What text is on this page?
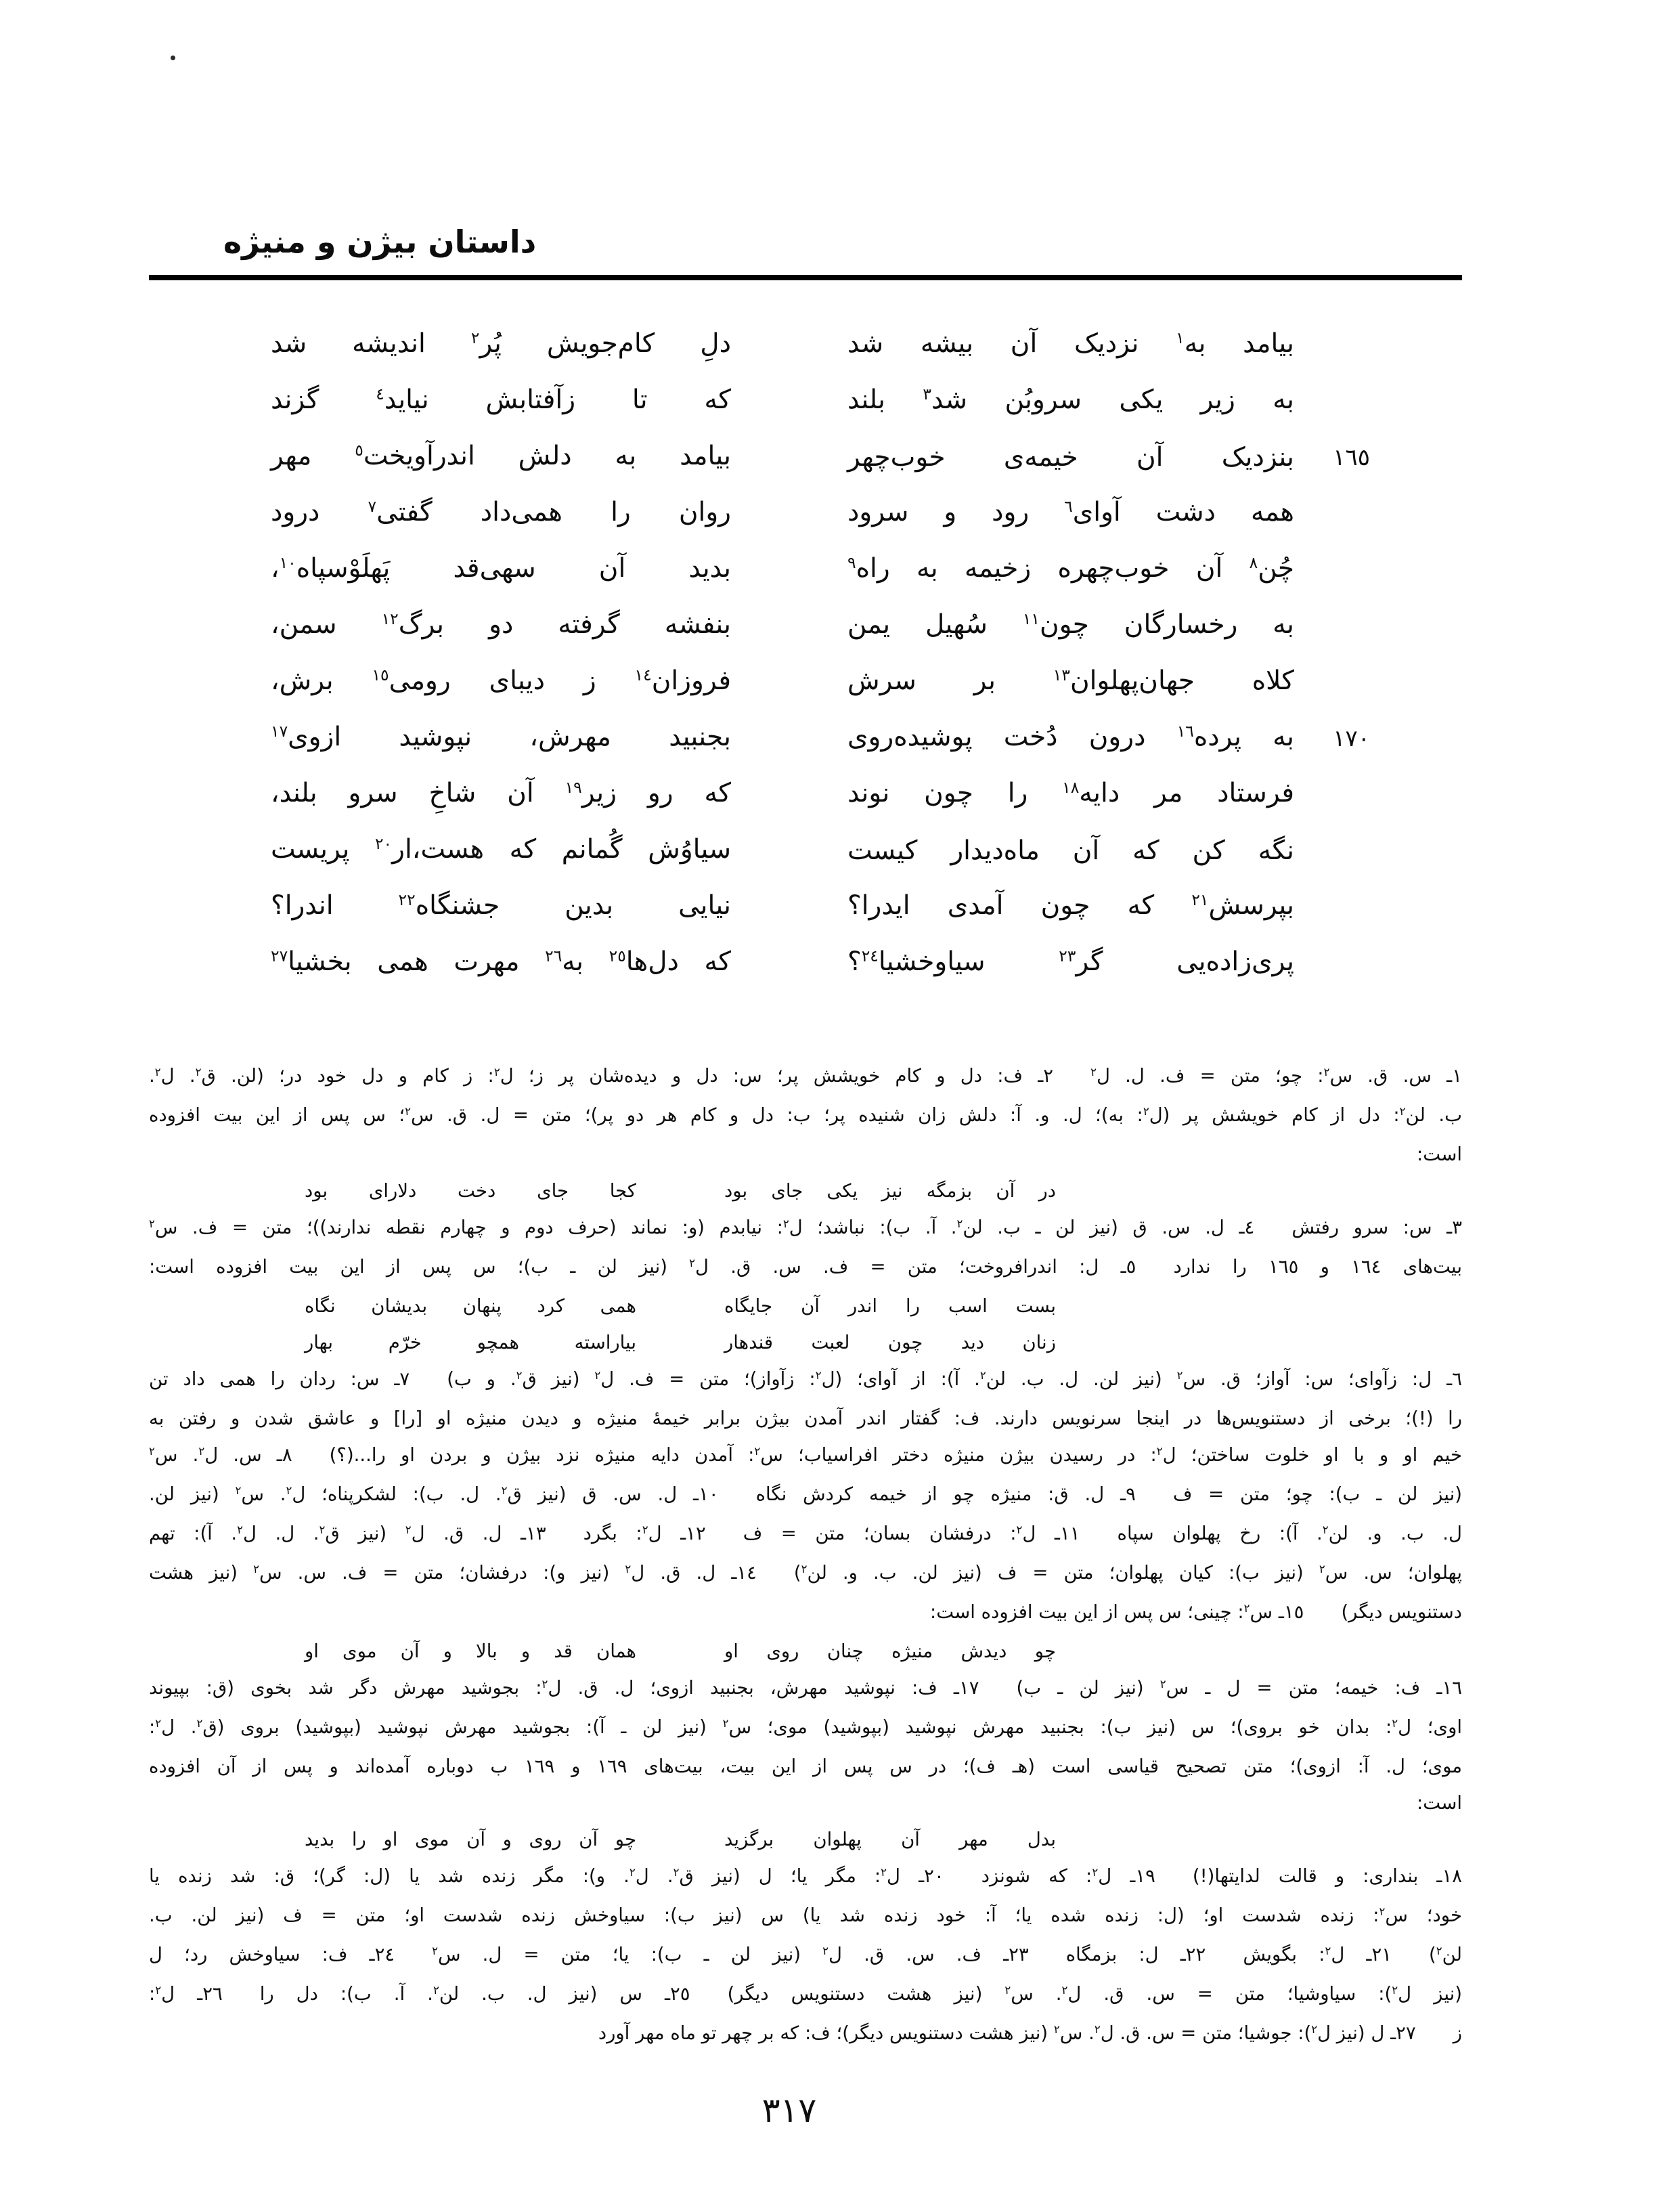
داستان بیژن و منیژه
بیامد به$^١$ نزدیک آن بیشه شد
دلِ کام‌جویش پُر$^٢$ اندیشه شد
به زیر یکی سروبُن شد$^٣$ بلند
که تا زآفتابش نیاید$^٤$ گزند
١٦٥
بنزدیک آن خیمه‌ی خوب‌چهر
بیامد به دلش اندرآویخت$^٥$ مهر
همه دشت آوای$^٦$ رود و سرود
روان را همی‌داد گفتی$^٧$ درود
چُن$^٨$ آن خوب‌چهره زخیمه به راه$^٩$
بدید آن سهی‌قد پَهلَوْسپاه$^{١٠}$،
به رخسارگان چون$^{١١}$ سُهیل یمن
بنفشه گرفته دو برگ$^{١٢}$ سمن،
کلاه جهان‌پهلوان$^{١٣}$ بر سرش
فروزان$^{١٤}$ ز دیبای رومی$^{١٥}$ برش،
١٧٠
به پرده$^{١٦}$ درون دُخت پوشیده‌روی
بجنبید مهرش، نپوشید ازوی$^{١٧}$
فرستاد مر دایه$^{١٨}$ را چون نوند
که رو زیر$^{١٩}$ آن شاخِ سرو بلند،
نگه کن که آن ماه‌دیدار کیست
سیاوُش گُمانم که هست،ار$^{٢٠}$ پریست
بپرسش$^{٢١}$ که چون آمدی ایدرا؟
نیایی بدین جشنگاه$^{٢٢}$ اندرا؟
پری‌زاده‌یی گر$^{٢٣}$ سیاوخشیا$^{٢٤}$؟
که دل‌ها$^{٢٥}$ به$^{٢٦}$ مهرت همی بخشیا$^{٢٧}$
١ـ س. ق. س$^٢$: چو؛ متن = ف. ل. ل$^٢$  ٢ـ ف: دل و کام خویشش پر؛ س: دل و دیده‌شان پر ز؛ ل$^٢$: ز کام و دل خود در؛ (لن. ق$^٢$. ل$^٢$.
ب. لن$^٢$: دل از کام خویشش پر (ل$^٢$: به)؛ ل. و. آ: دلش زان شنیده پر؛ ب: دل و کام هر دو پر)؛ متن = ل. ق. س$^٢$؛ س پس از این بیت افزوده
است:
در آن بزمگه نیز یکی جای بود
کجا جای دخت دلارای بود
٣ـ س: سرو رفتش  ٤ـ ل. س. ق (نیز لن ـ ب. لن$^٢$. آ. ب): نباشد؛ ل$^٢$: نیابدم (و: نماند (حرف دوم و چهارم نقطه ندارند))؛ متن = ف. س$^٢$
بیت‌های ١٦٤ و ١٦٥ را ندارد  ٥ـ ل: اندرافروخت؛ متن = ف. س. ق. ل$^٢$ (نیز لن ـ ب)؛ س پس از این بیت افزوده است:
بست اسب را اندر آن جایگاه
همی کرد پنهان بدیشان نگاه
زنان دید چون لعبت قندهار
بیاراسته همچو خرّم بهار
٦ـ ل: زآوای؛ س: آواز؛ ق. س$^٢$ (نیز لن. ل. ب. لن$^٢$. آ): از آوای؛ (ل$^٢$: زآواز)؛ متن = ف. ل$^٢$ (نیز ق$^٢$. و ب)  ٧ـ س: ردان را همی داد تن
را (!)؛ برخی از دستنویس‌ها در اینجا سرنویس دارند. ف: گفتار اندر آمدن بیژن برابر خیمهٔ منیژه و دیدن منیژه او [را] و عاشق شدن و رفتن به
خیم او و با او خلوت ساختن؛ ل$^٢$: در رسیدن بیژن منیژه دختر افراسیاب؛ س$^٢$: آمدن دایه منیژه نزد بیژن و بردن او را...(؟)  ٨ـ س. ل$^٢$. س$^٢$
(نیز لن ـ ب): چو؛ متن = ف  ٩ـ ل. ق: منیژه چو از خیمه کردش نگاه  ١٠ـ ل. س. ق (نیز ق$^٢$. ل. ب): لشکرپناه؛ ل$^٢$. س$^٢$ (نیز لن.
ل. ب. و. لن$^٢$. آ): رخ پهلوان سپاه  ١١ـ ل$^٢$: درفشان بسان؛ متن = ف  ١٢ـ ل$^٢$: بگرد  ١٣ـ ل. ق. ل$^٢$ (نیز ق$^٢$. ل. ل$^٢$. آ): تهم
پهلوان؛ س. س$^٢$ (نیز ب): کیان پهلوان؛ متن = ف (نیز لن. ب. و. لن$^٢$)  ١٤ـ ل. ق. ل$^٢$ (نیز و): درفشان؛ متن = ف. س. س$^٢$ (نیز هشت
دستنویس دیگر)  ١٥ـ س$^٢$: چینی؛ س پس از این بیت افزوده است:
چو دیدش منیژه چنان روی او
همان قد و بالا و آن موی او
١٦ـ ف: خیمه؛ متن = ل ـ س$^٢$ (نیز لن ـ ب)  ١٧ـ ف: نپوشید مهرش، بجنبید ازوی؛ ل. ق. ل$^٢$: بجوشید مهرش دگر شد بخوی (ق: بپیوند
اوی؛ ل$^٢$: بدان خو بروی)؛ س (نیز ب): بجنبید مهرش نپوشید (بپوشید) موی؛ س$^٢$ (نیز لن ـ آ): بجوشید مهرش نپوشید (بپوشید) بروی (ق$^٢$. ل$^٢$:
موی؛ ل. آ: ازوی)؛ متن تصحیح قیاسی است (هـ ف)؛ در س پس از این بیت، بیت‌های ١٦٩ و ١٦٩ ب دوباره آمده‌اند و پس از آن افزوده
است:
بدل مهر آن پهلوان برگزید
چو آن روی و آن موی او را بدید
١٨ـ بنداری: و قالت لدایتها(!)  ١٩ـ ل$^٢$: که شونزد  ٢٠ـ ل$^٢$: مگر یا؛ ل (نیز ق$^٢$. ل$^٢$. و): مگر زنده شد یا (ل: گر)؛ ق: شد زنده یا
خود؛ س$^٢$: زنده شدست او؛ (ل: زنده شده یا؛ آ: خود زنده شد یا) س (نیز ب): سیاوخش زنده شدست او؛ متن = ف (نیز لن. ب.
لن$^٢$)  ٢١ـ ل$^٢$: بگویش  ٢٢ـ ل: بزمگاه  ٢٣ـ ف. س. ق. ل$^٢$ (نیز لن ـ ب): یا؛ متن = ل. س$^٢$  ٢٤ـ ف: سیاوخش رد؛ ل
(نیز ل$^٢$): سیاوشیا؛ متن = س. ق. ل$^٢$. س$^٢$ (نیز هشت دستنویس دیگر)  ٢٥ـ س (نیز ل. ب. لن$^٢$. آ. ب): دل را  ٢٦ـ ل$^٢$:
ز  ٢٧ـ ل (نیز ل$^٢$): جوشیا؛ متن = س. ق. ل$^٢$. س$^٢$ (نیز هشت دستنویس دیگر)؛ ف: که بر چهر تو ماه مهر آورد
٣١٧
